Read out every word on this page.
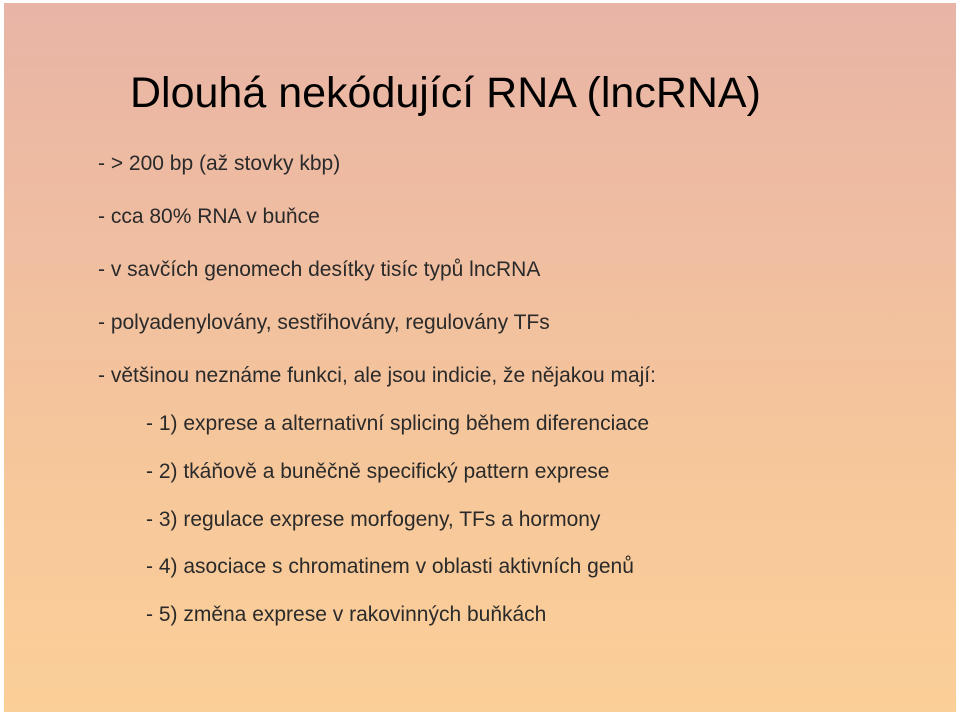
Dlouhá nekódující RNA (lncRNA)
- > 200 bp (až stovky kbp)
- cca 80% RNA v buňce
- v savčích genomech desítky tisíc typů lncRNA
- polyadenylovány, sestřihovány, regulovány TFs
- většinou neznáme funkci, ale jsou indicie, že nějakou mají:
- 1) exprese a alternativní splicing během diferenciace
- 2) tkáňově a buněčně specifický pattern exprese
- 3) regulace exprese morfogeny, TFs a hormony
- 4) asociace s chromatinem v oblasti aktivních genů
- 5) změna exprese v rakovinných buňkách
